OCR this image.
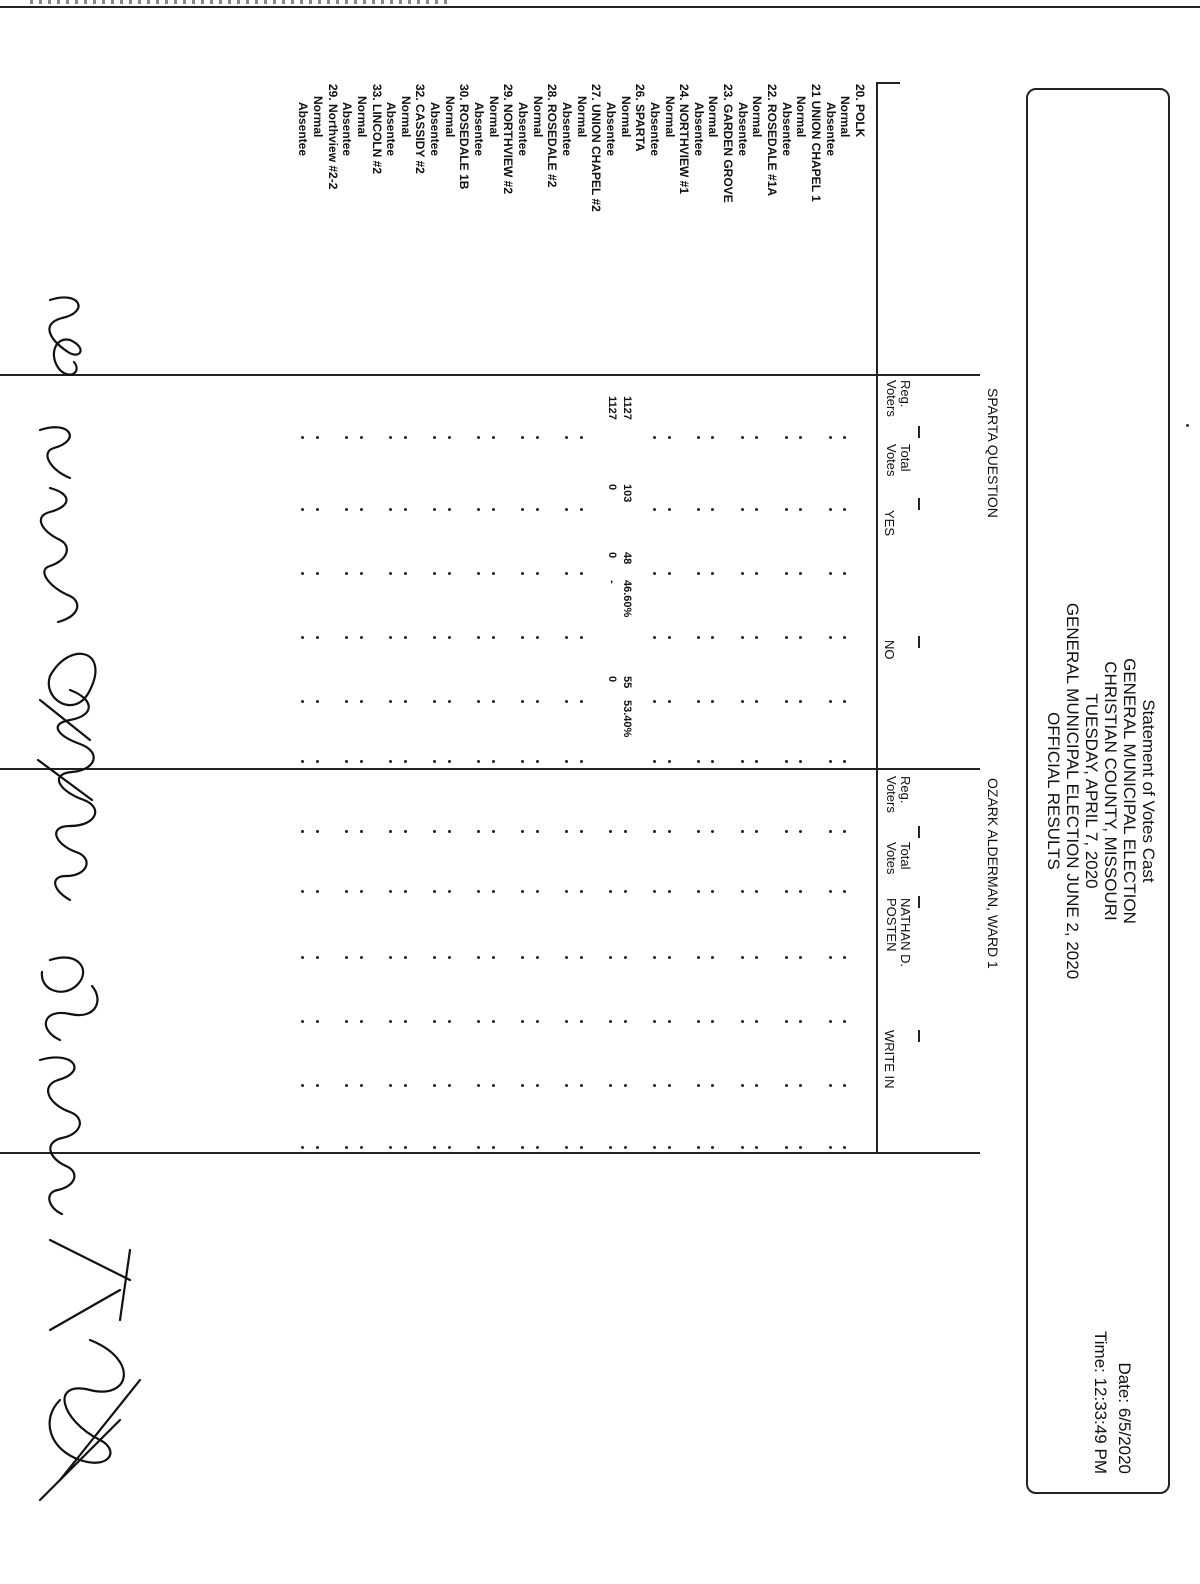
Statement of Votes Cast
GENERAL MUNICIPAL ELECTION
CHRISTIAN COUNTY, MISSOURI
TUESDAY, APRIL 7, 2020
GENERAL MUNICIPAL ELECTION JUNE 2, 2020
OFFICIAL RESULTS
Date: 6/5/2020
Time: 12:33:49 PM
SPARTA QUESTION
OZARK ALDERMAN, WARD 1
Reg.
Voters
Total
Votes
YES
NO
Reg.
Voters
Total
Votes
NATHAN D.
POSTEN
WRITE IN
20. POLK
Normal
Absentee
21 UNION CHAPEL 1
Normal
Absentee
22. ROSEDALE #1A
Normal
Absentee
23. GARDEN GROVE
Normal
Absentee
24. NORTHVIEW #1
Normal
Absentee
26. SPARTA
Normal
1127
103
48
46.60%
55
53.40%
Absentee
1127
0
0
-
0
27. UNION CHAPEL #2
Normal
Absentee
28. ROSEDALE #2
Normal
Absentee
29. NORTHVIEW #2
Normal
Absentee
30. ROSEDALE 1B
Normal
Absentee
32. CASSIDY #2
Normal
Absentee
33. LINCOLN #2
Normal
Absentee
29. Northview #2-2
Normal
Absentee
